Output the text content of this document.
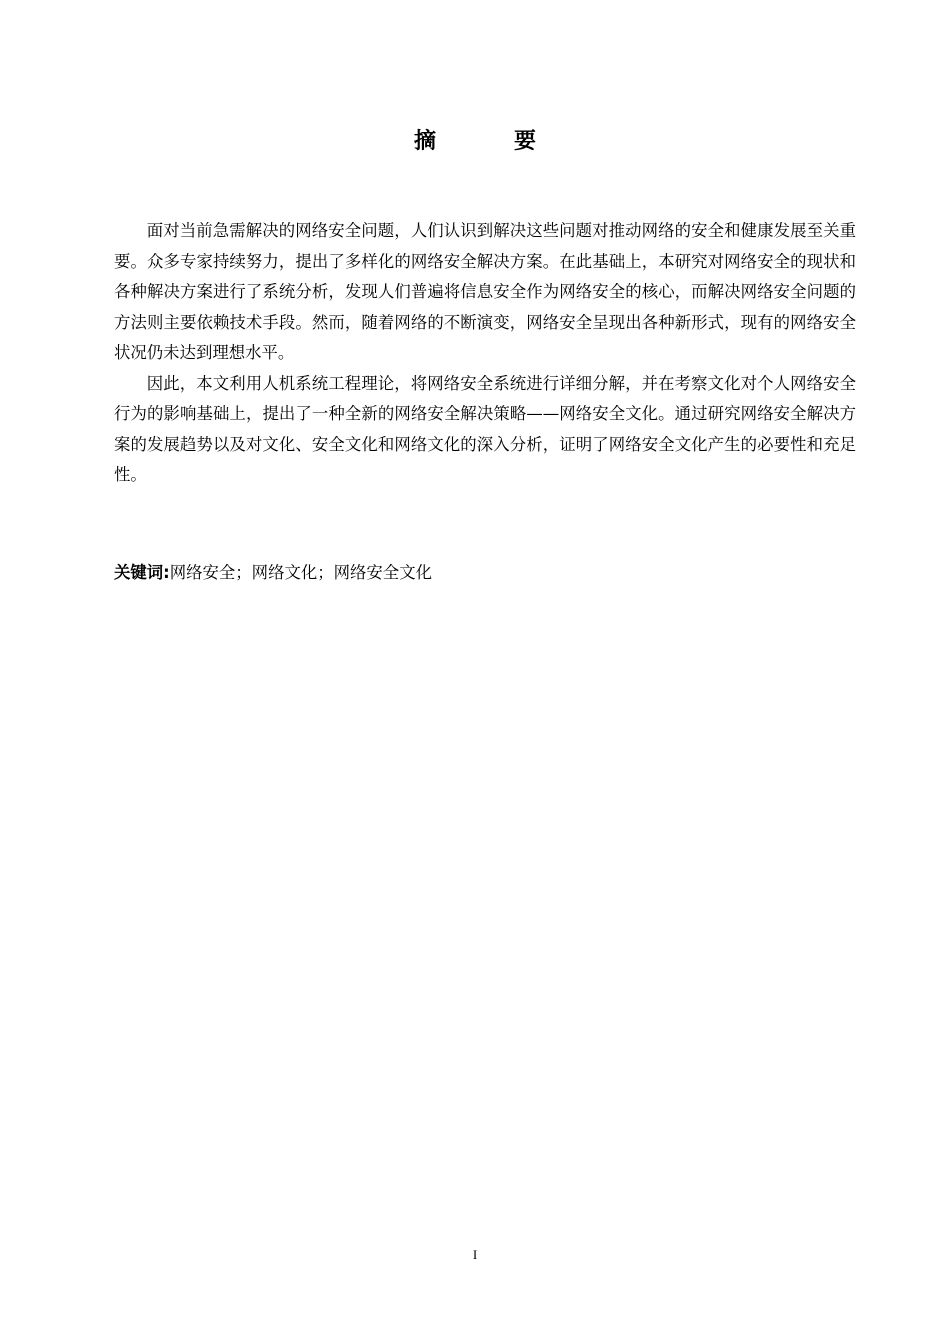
摘　要

面对当前急需解决的网络安全问题，人们认识到解决这些问题对推动网络的安全和健康发展至关重要。众多专家持续努力，提出了多样化的网络安全解决方案。在此基础上，本研究对网络安全的现状和各种解决方案进行了系统分析，发现人们普遍将信息安全作为网络安全的核心，而解决网络安全问题的方法则主要依赖技术手段。然而，随着网络的不断演变，网络安全呈现出各种新形式，现有的网络安全状况仍未达到理想水平。

因此，本文利用人机系统工程理论，将网络安全系统进行详细分解，并在考察文化对个人网络安全行为的影响基础上，提出了一种全新的网络安全解决策略——网络安全文化。通过研究网络安全解决方案的发展趋势以及对文化、安全文化和网络文化的深入分析，证明了网络安全文化产生的必要性和充足性。

关键词:网络安全；网络文化；网络安全文化
I
